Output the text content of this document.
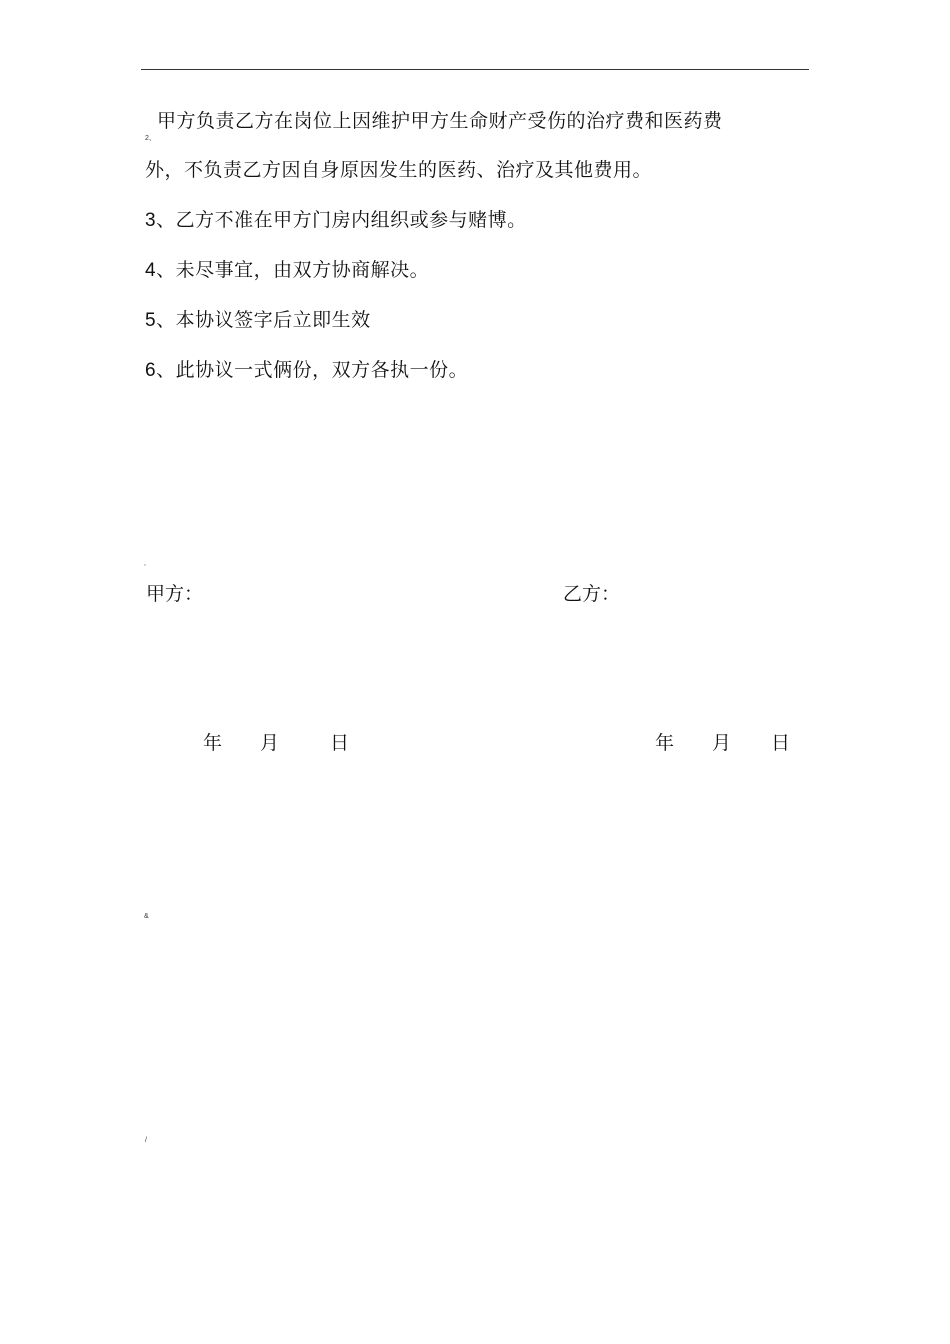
2、
甲方负责乙方在岗位上因维护甲方生命财产受伤的治疗费和医药费
外，不负责乙方因自身原因发生的医药、治疗及其他费用。
3、乙方不准在甲方门房内组织或参与赌博。
4、未尽事宜，由双方协商解决。
5、本协议签字后立即生效
6、此协议一式俩份，双方各执一份。
,
&
/
甲方：	乙方：
年 月	日	年 月 日
